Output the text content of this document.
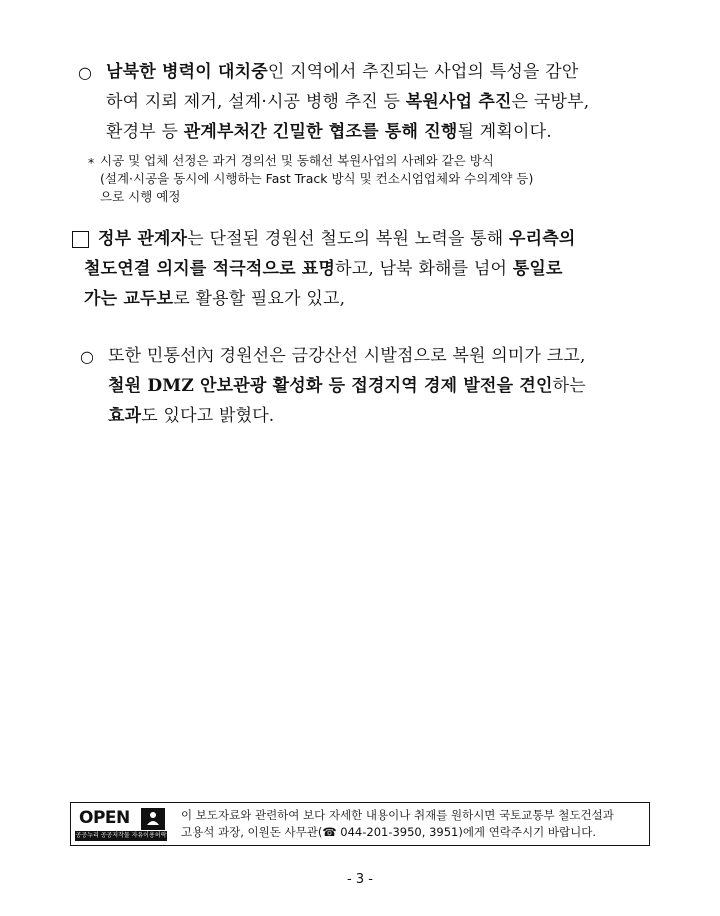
○ 남북한 병력이 대치중인 지역에서 추진되는 사업의 특성을 감안
하여 지뢰 제거, 설계·시공 병행 추진 등 복원사업 추진은 국방부,
환경부 등 관계부처간 긴밀한 협조를 통해 진행될 계획이다.
* 시공 및 업체 선정은 과거 경의선 및 동해선 복원사업의 사례와 같은 방식
(설계·시공을 동시에 시행하는 Fast Track 방식 및 컨소시엄업체와 수의계약 등)
으로 시행 예정
정부 관계자는 단절된 경원선 철도의 복원 노력을 통해 우리측의
철도연결 의지를 적극적으로 표명하고, 남북 화해를 넘어 통일로
가는 교두보로 활용할 필요가 있고,
○ 또한 민통선內 경원선은 금강산선 시발점으로 복원 의미가 크고,
철원 DMZ 안보관광 활성화 등 접경지역 경제 발전을 견인하는
효과도 있다고 밝혔다.
OPEN
공공누리 공공저작물 자유이용허락
이 보도자료와 관련하여 보다 자세한 내용이나 취재를 원하시면 국토교통부 철도건설과
고용석 과장, 이원돈 사무관(☎ 044-201-3950, 3951)에게 연락주시기 바랍니다.
- 3 -
